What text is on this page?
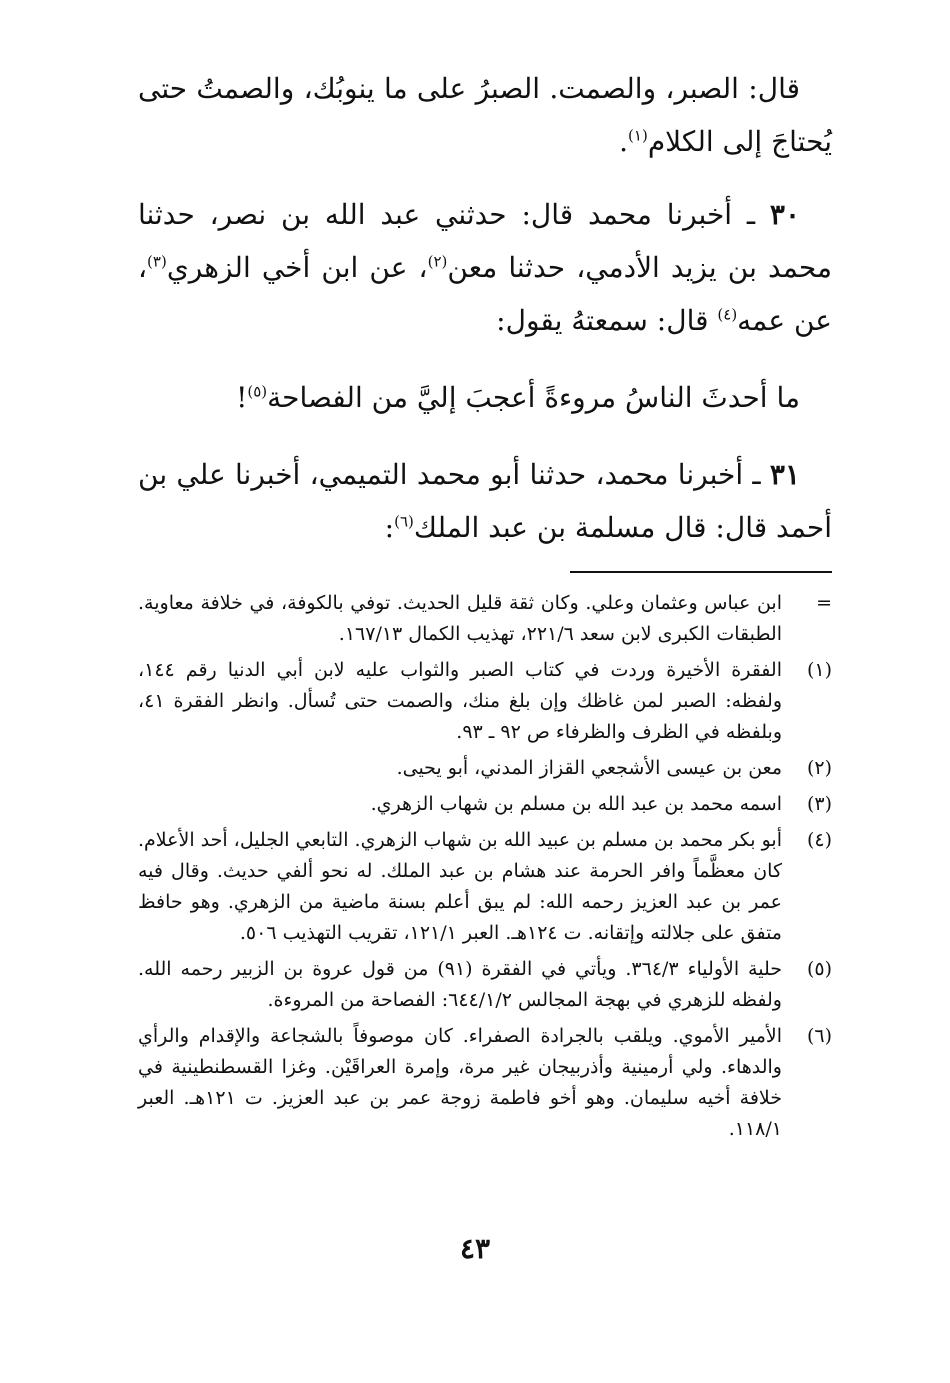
قال: الصبر، والصمت. الصبرُ على ما ينوبُك، والصمتُ حتى يُحتاجَ إلى الكلام$^{(١)}$.

٣٠ ـ أخبرنا محمد قال: حدثني عبد الله بن نصر، حدثنا محمد بن يزيد الأدمي، حدثنا معن$^{(٢)}$، عن ابن أخي الزهري$^{(٣)}$، عن عمه$^{(٤)}$ قال: سمعتهُ يقول:

ما أحدثَ الناسُ مروءةً أعجبَ إليَّ من الفصاحة$^{(٥)}$!

٣١ ـ أخبرنا محمد، حدثنا أبو محمد التميمي، أخبرنا علي بن أحمد قال: قال مسلمة بن عبد الملك$^{(٦)}$:

=
ابن عباس وعثمان وعلي. وكان ثقة قليل الحديث. توفي بالكوفة، في خلافة معاوية. الطبقات الكبرى لابن سعد ٢٢١/٦، تهذيب الكمال ١٦٧/١٣.
(١)
الفقرة الأخيرة وردت في كتاب الصبر والثواب عليه لابن أبي الدنيا رقم ١٤٤، ولفظه: الصبر لمن غاظك وإن بلغ منك، والصمت حتى تُسأل. وانظر الفقرة ٤١، وبلفظه في الظرف والظرفاء ص ٩٢ ـ ٩٣.
(٢)
معن بن عيسى الأشجعي القزاز المدني، أبو يحيى.
(٣)
اسمه محمد بن عبد الله بن مسلم بن شهاب الزهري.
(٤)
أبو بكر محمد بن مسلم بن عبيد الله بن شهاب الزهري. التابعي الجليل، أحد الأعلام. كان معظَّماً وافر الحرمة عند هشام بن عبد الملك. له نحو ألفي حديث. وقال فيه عمر بن عبد العزيز رحمه الله: لم يبق أعلم بسنة ماضية من الزهري. وهو حافظ متفق على جلالته وإتقانه. ت ١٢٤هـ. العبر ١٢١/١، تقريب التهذيب ٥٠٦.
(٥)
حلية الأولياء ٣٦٤/٣. ويأتي في الفقرة (٩١) من قول عروة بن الزبير رحمه الله. ولفظه للزهري في بهجة المجالس ٦٤٤/١/٢: الفصاحة من المروءة.
(٦)
الأمير الأموي. ويلقب بالجرادة الصفراء. كان موصوفاً بالشجاعة والإقدام والرأي والدهاء. ولي أرمينية وأذربيجان غير مرة، وإمرة العراقَيْن. وغزا القسطنطينية في خلافة أخيه سليمان. وهو أخو فاطمة زوجة عمر بن عبد العزيز. ت ١٢١هـ. العبر ١١٨/١.
٤٣
